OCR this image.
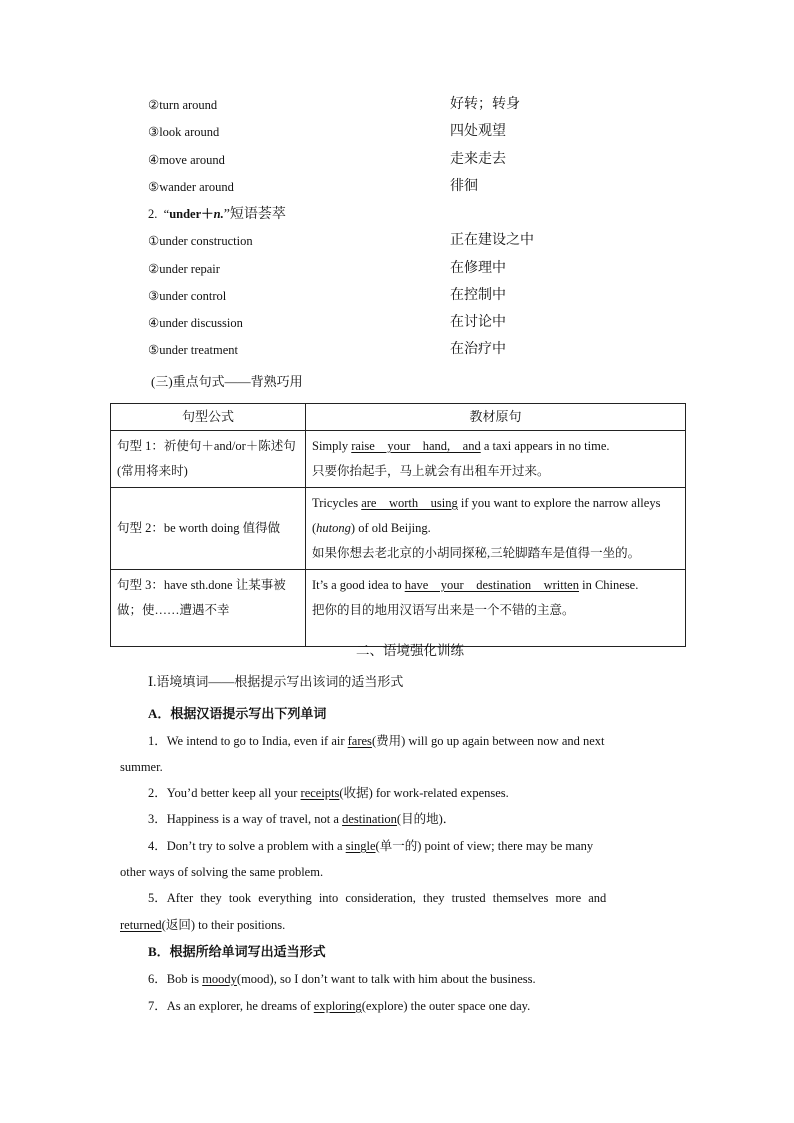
②turn around	好转；转身
③look around	四处观望
④move around	走来走去
⑤wander around	徘徊
2. “under＋n.”短语荟萃
①under construction	正在建设之中
②under repair	在修理中
③under control	在控制中
④under discussion	在讨论中
⑤under treatment	在治疗中
(三)重点句式——背熟巧用
句型公式	教材原句
句型 1：祈使句＋and/or＋陈述句(常用将来时)	Simply raise　your　hand,　and a taxi appears in no time.

只要你抬起手，马上就会有出租车开过来。

句型 2：be worth doing 值得做	Tricycles are　worth　using if you want to explore the narrow alleys (hutong) of old Beijing.

如果你想去老北京的小胡同探秘,三轮脚踏车是值得一坐的。

句型 3：have sth.done 让某事被做；使……遭遇不幸	It’s a good idea to have　your　destination　written in Chinese.

把你的目的地用汉语写出来是一个不错的主意。

二、语境强化训练
Ⅰ.语境填词——根据提示写出该词的适当形式
A．根据汉语提示写出下列单词
1．We intend to go to India, even if air fares(费用) will go up again between now and next
summer.
2．You’d better keep all your receipts(收据) for work-related expenses.
3．Happiness is a way of travel, not a destination(目的地)．
4．Don’t try to solve a problem with a single(单一的) point of view; there may be many
other ways of solving the same problem.
5．After they took everything into consideration, they trusted themselves more and
returned(返回) to their positions.
B．根据所给单词写出适当形式
6．Bob is moody(mood), so I don’t want to talk with him about the business.
7．As an explorer, he dreams of exploring(explore) the outer space one day.
